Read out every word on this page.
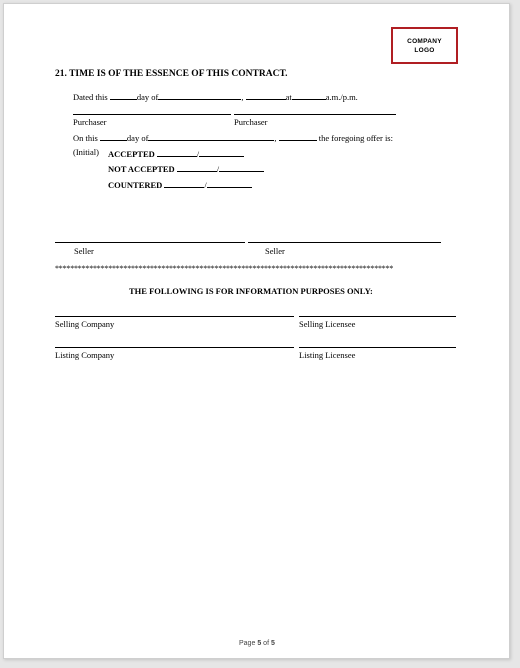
COMPANY
LOGO
21. TIME IS OF THE ESSENCE OF THIS CONTRACT.
Dated this	day of	,	at	a.m./p.m.
Purchaser	Purchaser
On this	day of	,	the foregoing offer is:
(Initial) ACCEPTED	/
NOT ACCEPTED	/
COUNTERED	/
Seller	Seller
*****************************************************************************************
THE FOLLOWING IS FOR INFORMATION PURPOSES ONLY:
Selling Company	Selling Licensee
Listing Company	Listing Licensee
Page 5 of 5
